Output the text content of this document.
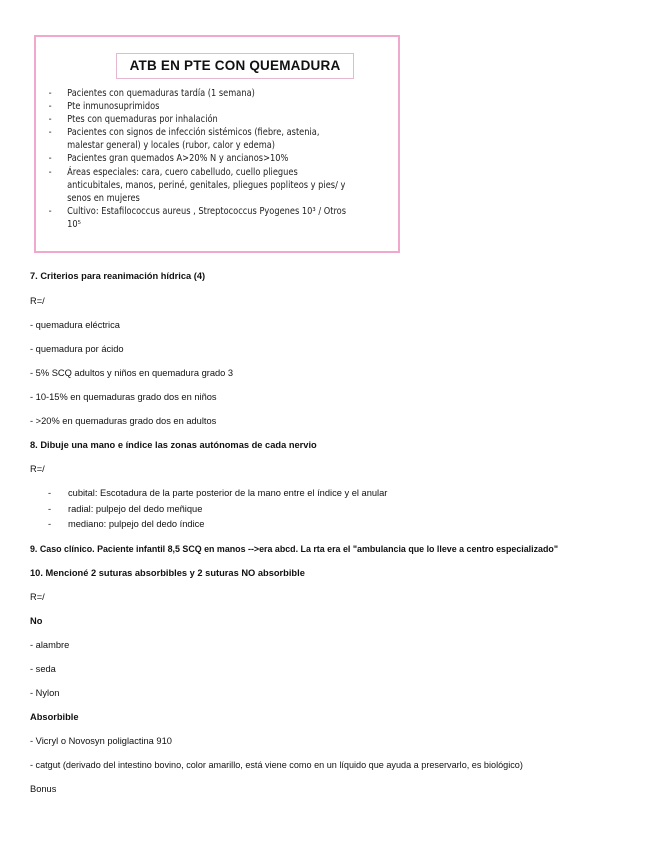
ATB EN PTE CON QUEMADURA
- Pacientes con quemaduras tardía (1 semana)
- Pte inmunosuprimidos
- Ptes con quemaduras por inhalación
- Pacientes con signos de infección sistémicos (fiebre, astenia, malestar general) y locales (rubor, calor y edema)
- Pacientes gran quemados A>20% N y ancianos>10%
- Áreas especiales: cara, cuero cabelludo, cuello pliegues anticubitales, manos, periné, genitales, pliegues popliteos y pies/ y senos en mujeres
- Cultivo: Estafilococcus aureus , Streptococcus Pyogenes 10³ / Otros 10⁵
7. Criterios para reanimación hídrica (4)
R=/
- quemadura eléctrica
- quemadura por ácido
- 5% SCQ adultos y niños en quemadura grado 3
- 10-15% en quemaduras grado dos en niños
- >20% en quemaduras grado dos en adultos
8. Dibuje una mano e índice las zonas autónomas de cada nervio
R=/
- cubital: Escotadura de la parte posterior de la mano entre el índice y el anular
- radial: pulpejo del dedo meñique
- mediano: pulpejo del dedo índice
9. Caso clínico. Paciente infantil 8,5 SCQ en manos -->era abcd. La rta era el "ambulancia que lo lleve a centro especializado"
10. Mencioné 2 suturas absorbibles y 2 suturas NO absorbible
R=/
No
- alambre
- seda
- Nylon
Absorbible
- Vicryl o Novosyn poliglactina 910
- catgut (derivado del intestino bovino, color amarillo, está viene como en un líquido que ayuda a preservarlo, es biológico)
Bonus
